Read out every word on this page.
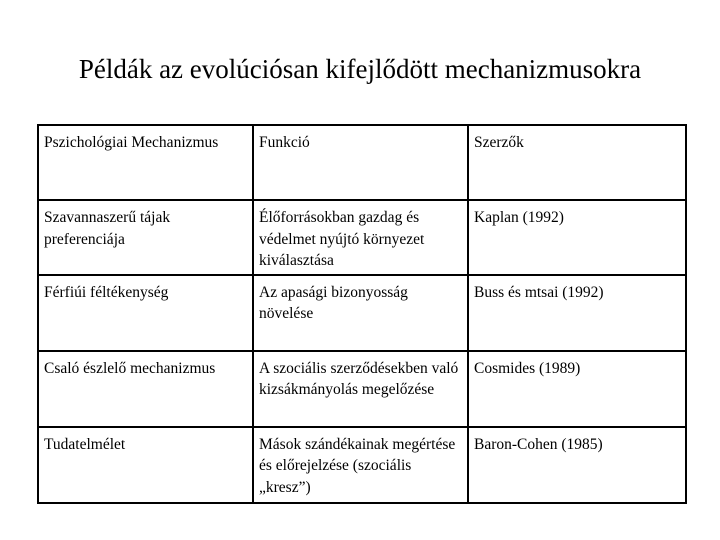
Példák az evolúciósan kifejlődött mechanizmusokra
Pszichológiai Mechanizmus	Funkció	Szerzők
Szavannaszerű tájak preferenciája	Élőforrásokban gazdag és védelmet nyújtó környezet kiválasztása	Kaplan (1992)
Férfiúi féltékenység	Az apasági bizonyosság növelése	Buss és mtsai (1992)
Csaló észlelő mechanizmus	A szociális szerződésekben való kizsákmányolás megelőzése	Cosmides (1989)
Tudatelmélet	Mások szándékainak megértése és előrejelzése (szociális „kresz”)	Baron-Cohen (1985)
